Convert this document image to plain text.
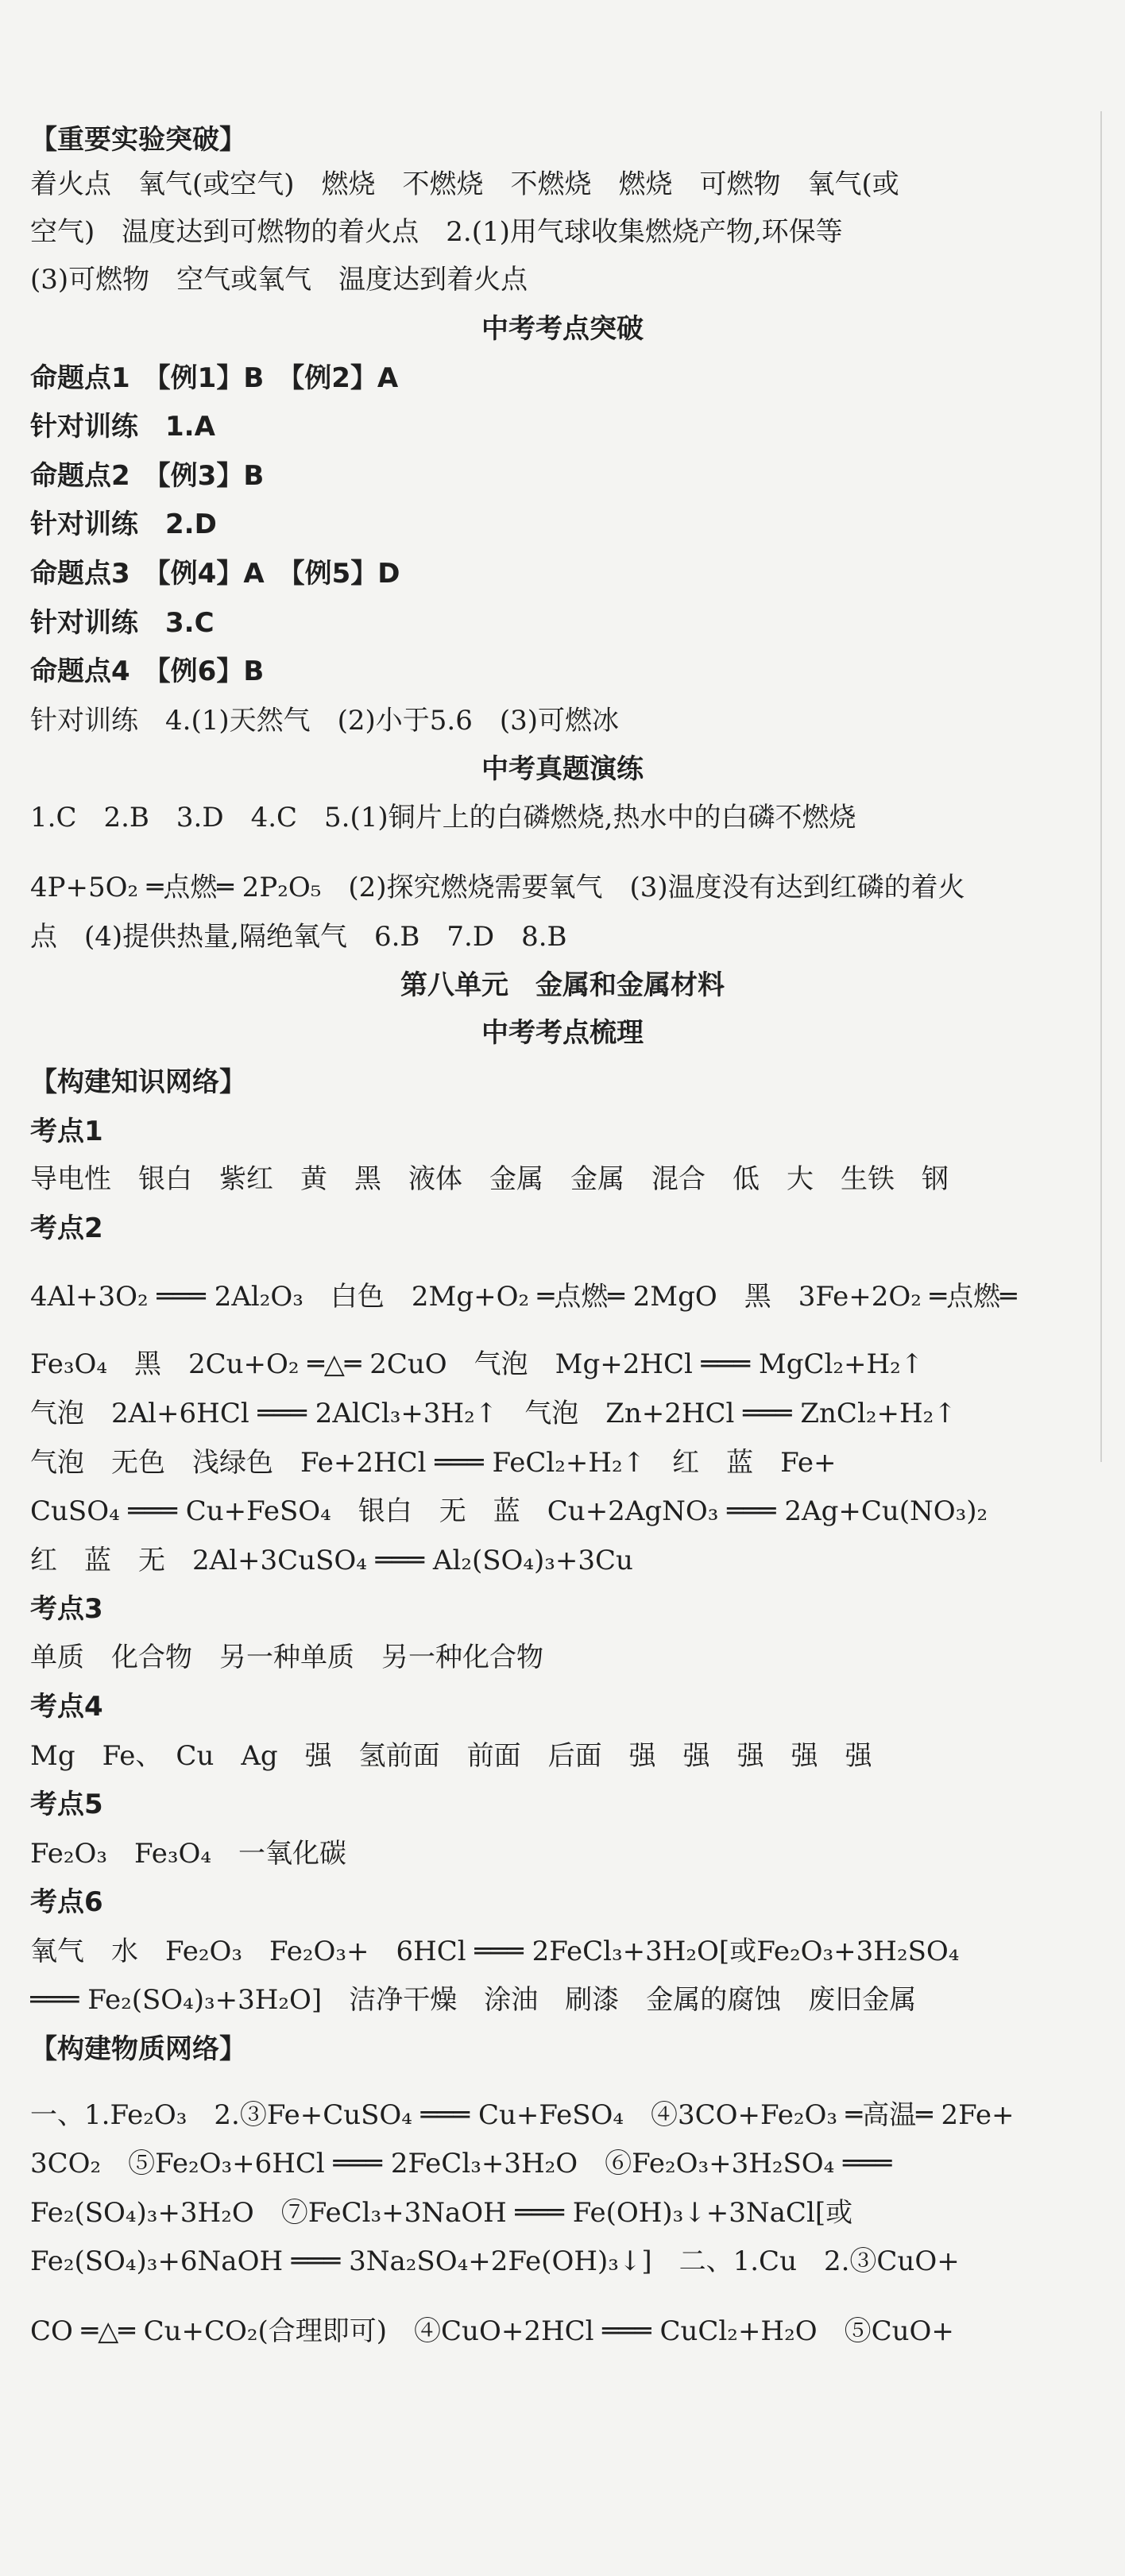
【重要实验突破】
着火点　氧气(或空气)　燃烧　不燃烧　不燃烧　燃烧　可燃物　氧气(或
空气)　温度达到可燃物的着火点　2.(1)用气球收集燃烧产物,环保等
(3)可燃物　空气或氧气　温度达到着火点
中考考点突破
命题点1　【例1】B　【例2】A
针对训练　1.A
命题点2　【例3】B
针对训练　2.D
命题点3　【例4】A　【例5】D
针对训练　3.C
命题点4　【例6】B
针对训练　4.(1)天然气　(2)小于5.6　(3)可燃冰
中考真题演练
1.C　2.B　3.D　4.C　5.(1)铜片上的白磷燃烧,热水中的白磷不燃烧
4P+5O₂ ═点燃═ 2P₂O₅　(2)探究燃烧需要氧气　(3)温度没有达到红磷的着火
点　(4)提供热量,隔绝氧气　6.B　7.D　8.B
第八单元　金属和金属材料
中考考点梳理
【构建知识网络】
考点1
导电性　银白　紫红　黄　黑　液体　金属　金属　混合　低　大　生铁　钢
考点2
4Al+3O₂ ═══ 2Al₂O₃　白色　2Mg+O₂ ═点燃═ 2MgO　黑　3Fe+2O₂ ═点燃═
Fe₃O₄　黑　2Cu+O₂ ═△═ 2CuO　气泡　Mg+2HCl ═══ MgCl₂+H₂↑
气泡　2Al+6HCl ═══ 2AlCl₃+3H₂↑　气泡　Zn+2HCl ═══ ZnCl₂+H₂↑
气泡　无色　浅绿色　Fe+2HCl ═══ FeCl₂+H₂↑　红　蓝　Fe+
CuSO₄ ═══ Cu+FeSO₄　银白　无　蓝　Cu+2AgNO₃ ═══ 2Ag+Cu(NO₃)₂
红　蓝　无　2Al+3CuSO₄ ═══ Al₂(SO₄)₃+3Cu
考点3
单质　化合物　另一种单质　另一种化合物
考点4
Mg　Fe、　Cu　Ag　强　氢前面　前面　后面　强　强　强　强　强
考点5
Fe₂O₃　Fe₃O₄　一氧化碳
考点6
氧气　水　Fe₂O₃　Fe₂O₃+　6HCl ═══ 2FeCl₃+3H₂O[或Fe₂O₃+3H₂SO₄
═══ Fe₂(SO₄)₃+3H₂O]　洁净干燥　涂油　刷漆　金属的腐蚀　废旧金属
【构建物质网络】
一、1.Fe₂O₃　2.③Fe+CuSO₄ ═══ Cu+FeSO₄　④3CO+Fe₂O₃ ═高温═ 2Fe+
3CO₂　⑤Fe₂O₃+6HCl ═══ 2FeCl₃+3H₂O　⑥Fe₂O₃+3H₂SO₄ ═══
Fe₂(SO₄)₃+3H₂O　⑦FeCl₃+3NaOH ═══ Fe(OH)₃↓+3NaCl[或
Fe₂(SO₄)₃+6NaOH ═══ 3Na₂SO₄+2Fe(OH)₃↓]　二、1.Cu　2.③CuO+
CO ═△═ Cu+CO₂(合理即可)　④CuO+2HCl ═══ CuCl₂+H₂O　⑤CuO+
